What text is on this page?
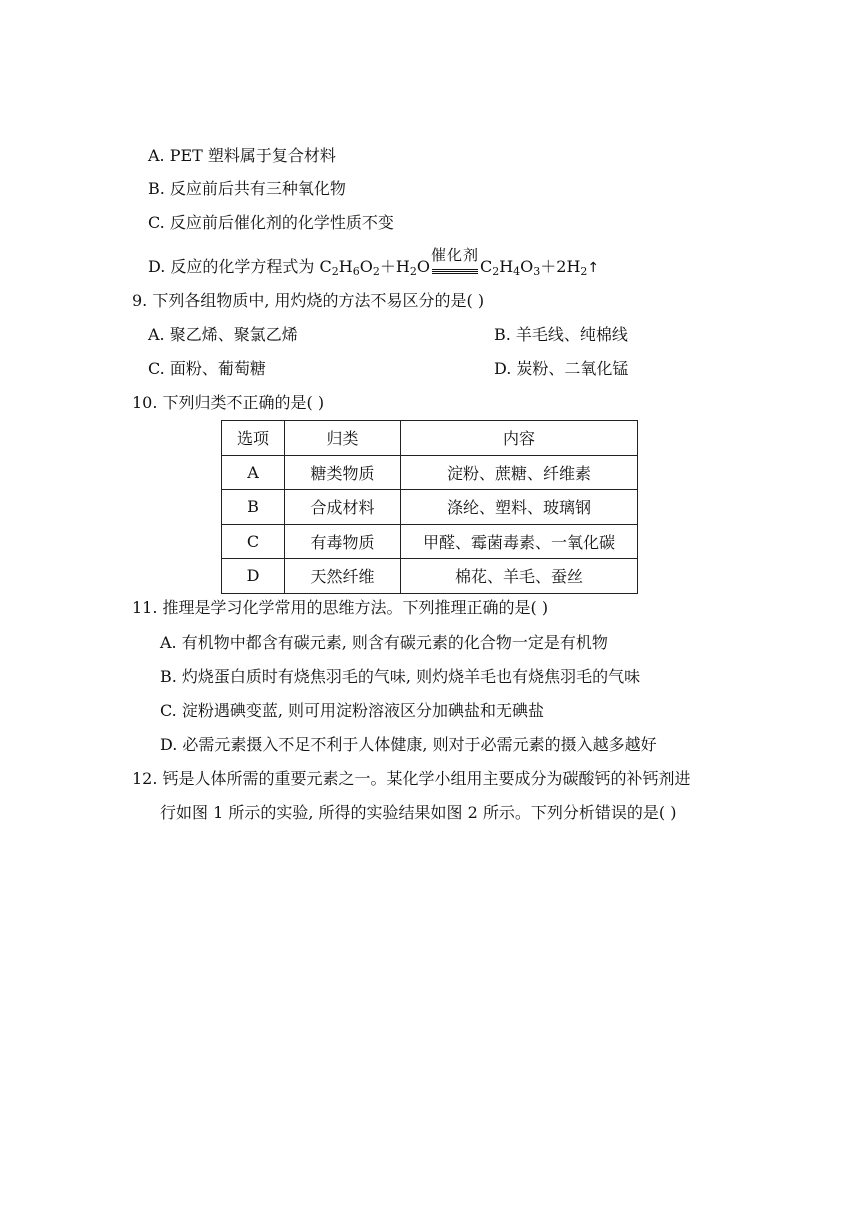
A. PET 塑料属于复合材料
B. 反应前后共有三种氧化物
C. 反应前后催化剂的化学性质不变
D. 反应的化学方程式为 $C_2H_6O_2+H_2O$
催化剂
$C_2H_4O_3+2H_2↑$
9. 下列各组物质中, 用灼烧的方法不易区分的是( )
A. 聚乙烯、聚氯乙烯	B. 羊毛线、纯棉线
C. 面粉、葡萄糖	D. 炭粉、二氧化锰
10. 下列归类不正确的是( )
选项	归类	内容
A	糖类物质	淀粉、蔗糖、纤维素
B	合成材料	涤纶、塑料、玻璃钢
C	有毒物质	甲醛、霉菌毒素、一氧化碳
D	天然纤维	棉花、羊毛、蚕丝
11. 推理是学习化学常用的思维方法。下列推理正确的是( )
A. 有机物中都含有碳元素, 则含有碳元素的化合物一定是有机物
B. 灼烧蛋白质时有烧焦羽毛的气味, 则灼烧羊毛也有烧焦羽毛的气味
C. 淀粉遇碘变蓝, 则可用淀粉溶液区分加碘盐和无碘盐
D. 必需元素摄入不足不利于人体健康, 则对于必需元素的摄入越多越好
12. 钙是人体所需的重要元素之一。某化学小组用主要成分为碳酸钙的补钙剂进
行如图 1 所示的实验, 所得的实验结果如图 2 所示。下列分析错误的是( )
